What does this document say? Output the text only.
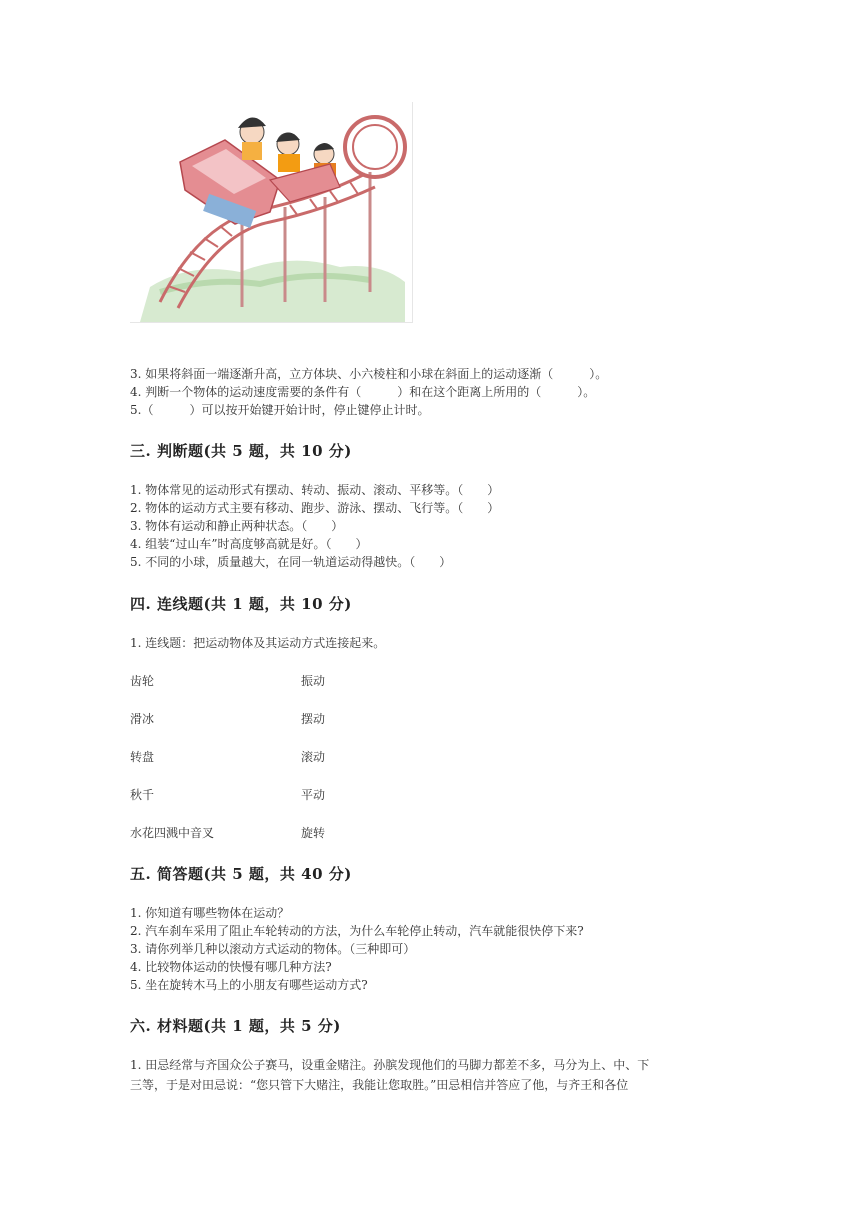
3. 如果将斜面一端逐渐升高，立方体块、小六棱柱和小球在斜面上的运动逐渐（　　　）。
4. 判断一个物体的运动速度需要的条件有（　　　）和在这个距离上所用的（　　　）。
5.（　　　）可以按开始键开始计时，停止键停止计时。
三. 判断题(共 5 题，共 10 分)
1. 物体常见的运动形式有摆动、转动、振动、滚动、平移等。（　　）
2. 物体的运动方式主要有移动、跑步、游泳、摆动、飞行等。（　　）
3. 物体有运动和静止两种状态。（　　）
4. 组装“过山车”时高度够高就是好。（　　）
5. 不同的小球，质量越大，在同一轨道运动得越快。（　　）
四. 连线题(共 1 题，共 10 分)
1. 连线题：把运动物体及其运动方式连接起来。
齿轮	振动
滑冰	摆动
转盘	滚动
秋千	平动
水花四溅中音叉	旋转
五. 简答题(共 5 题，共 40 分)
1. 你知道有哪些物体在运动？
2. 汽车刹车采用了阻止车轮转动的方法，为什么车轮停止转动，汽车就能很快停下来?
3. 请你列举几种以滚动方式运动的物体。（三种即可）
4. 比较物体运动的快慢有哪几种方法?
5. 坐在旋转木马上的小朋友有哪些运动方式?
六. 材料题(共 1 题，共 5 分)
1. 田忌经常与齐国众公子赛马，设重金赌注。孙膑发现他们的马脚力都差不多，马分为上、中、下
三等，于是对田忌说：“您只管下大赌注，我能让您取胜。”田忌相信并答应了他，与齐王和各位
